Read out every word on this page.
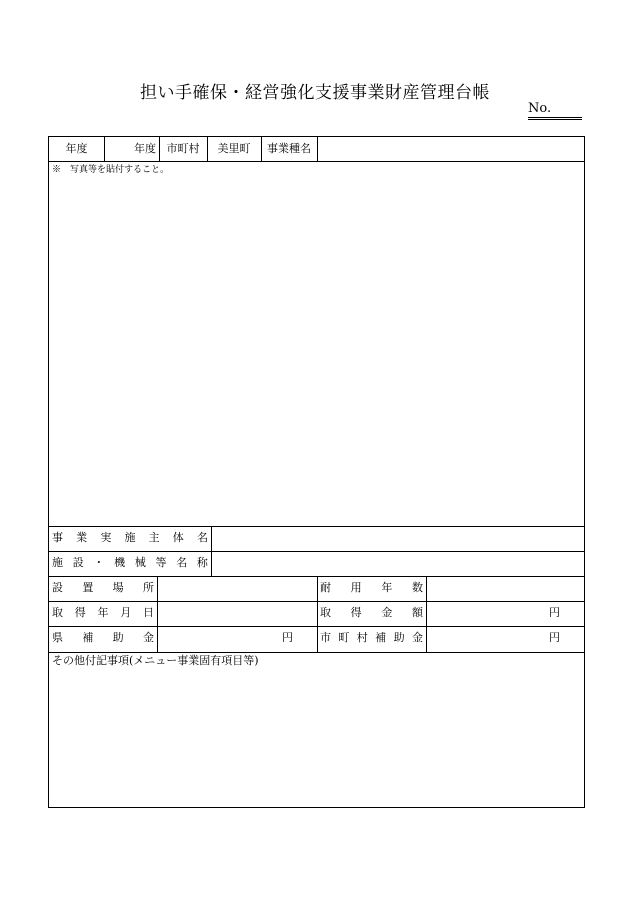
担い手確保・経営強化支援事業財産管理台帳
No.
年度	年度 市町村	美里町	事業種名
※　写真等を貼付すること。
事 業 実 施 主 体 名
施 設 ・ 機 械 等 名 称
設 置 場 所	耐 用 年 数
取 得 年 月 日	取 得 金 額	円
県 補 助 金	円	市 町 村 補 助 金	円
その他付記事項(メニュー事業固有項目等)
